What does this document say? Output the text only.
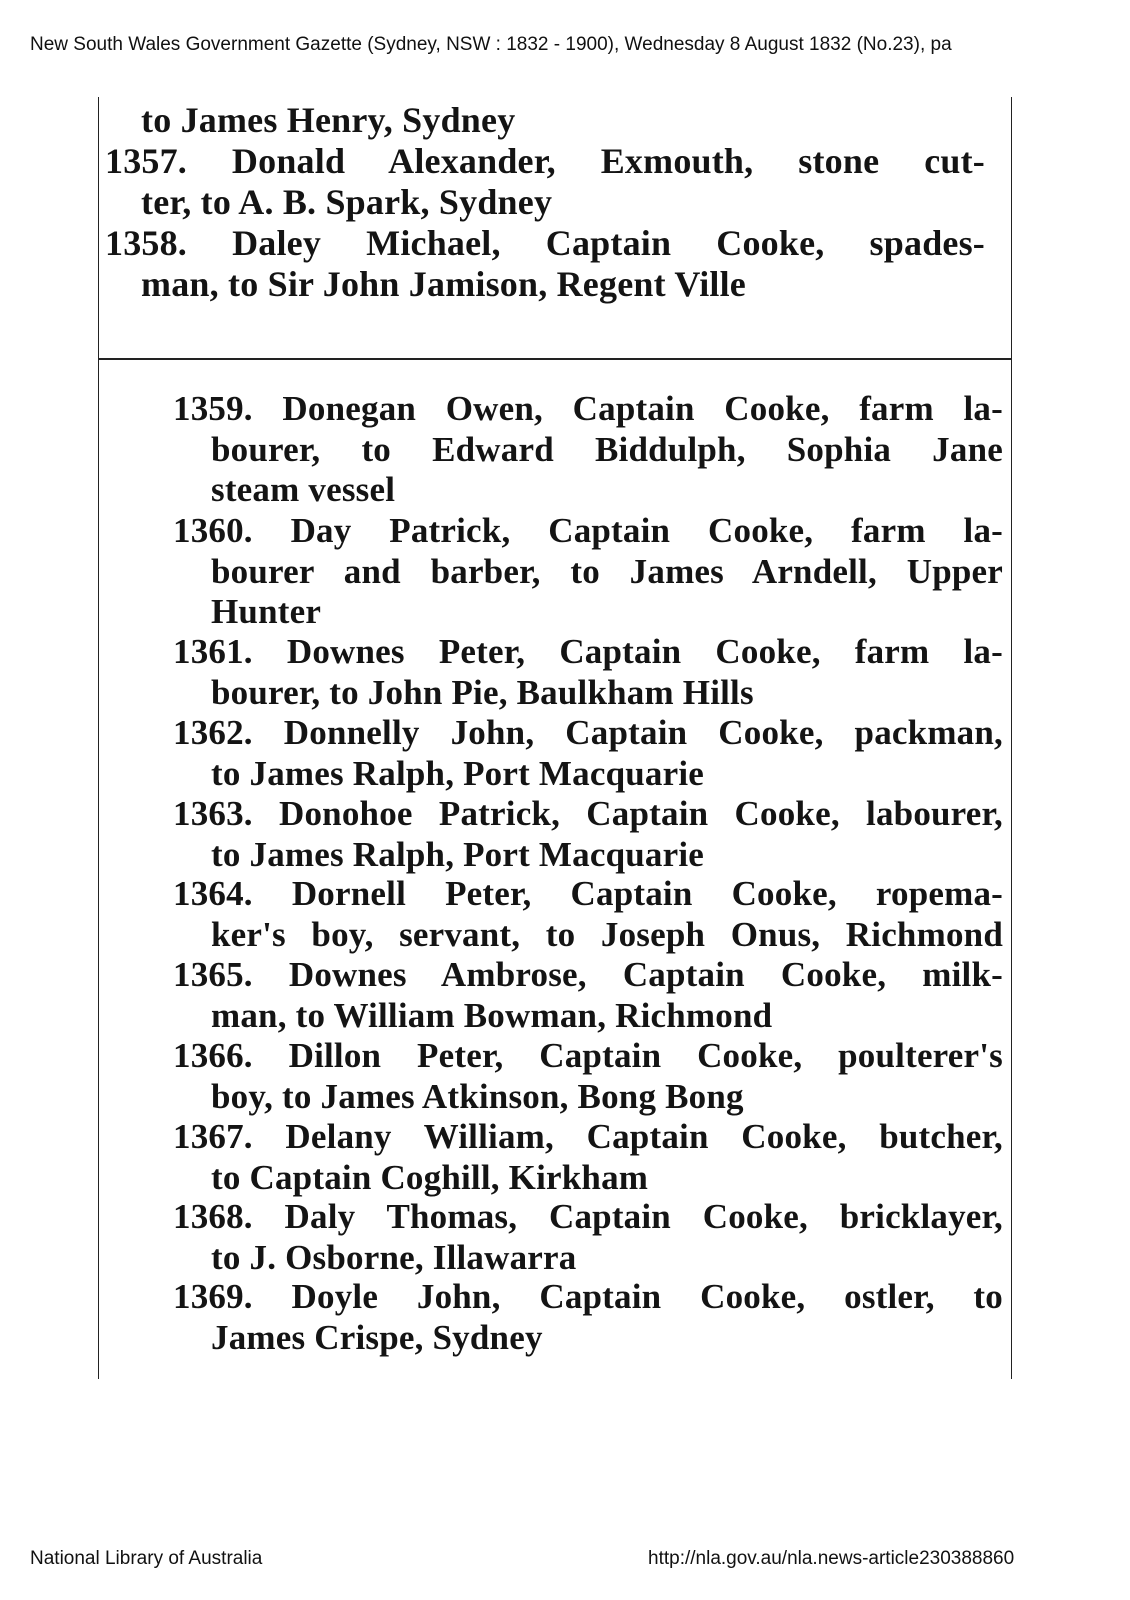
New South Wales Government Gazette (Sydney, NSW : 1832 - 1900), Wednesday 8 August 1832 (No.23), pa
to James Henry, Sydney
1357. Donald Alexander, Exmouth, stone cut-
ter, to A. B. Spark, Sydney
1358. Daley Michael, Captain Cooke, spades-
man, to Sir John Jamison, Regent Ville
1359. Donegan Owen, Captain Cooke, farm la-
bourer, to Edward Biddulph, Sophia Jane
steam vessel
1360. Day Patrick, Captain Cooke, farm la-
bourer and barber, to James Arndell, Upper
Hunter
1361. Downes Peter, Captain Cooke, farm la-
bourer, to John Pie, Baulkham Hills
1362. Donnelly John, Captain Cooke, packman,
to James Ralph, Port Macquarie
1363. Donohoe Patrick, Captain Cooke, labourer,
to James Ralph, Port Macquarie
1364. Dornell Peter, Captain Cooke, ropema-
ker's boy, servant, to Joseph Onus, Richmond
1365. Downes Ambrose, Captain Cooke, milk-
man, to William Bowman, Richmond
1366. Dillon Peter, Captain Cooke, poulterer's
boy, to James Atkinson, Bong Bong
1367. Delany William, Captain Cooke, butcher,
to Captain Coghill, Kirkham
1368. Daly Thomas, Captain Cooke, bricklayer,
to J. Osborne, Illawarra
1369. Doyle John, Captain Cooke, ostler, to
James Crispe, Sydney
National Library of Australia	http://nla.gov.au/nla.news-article230388860
